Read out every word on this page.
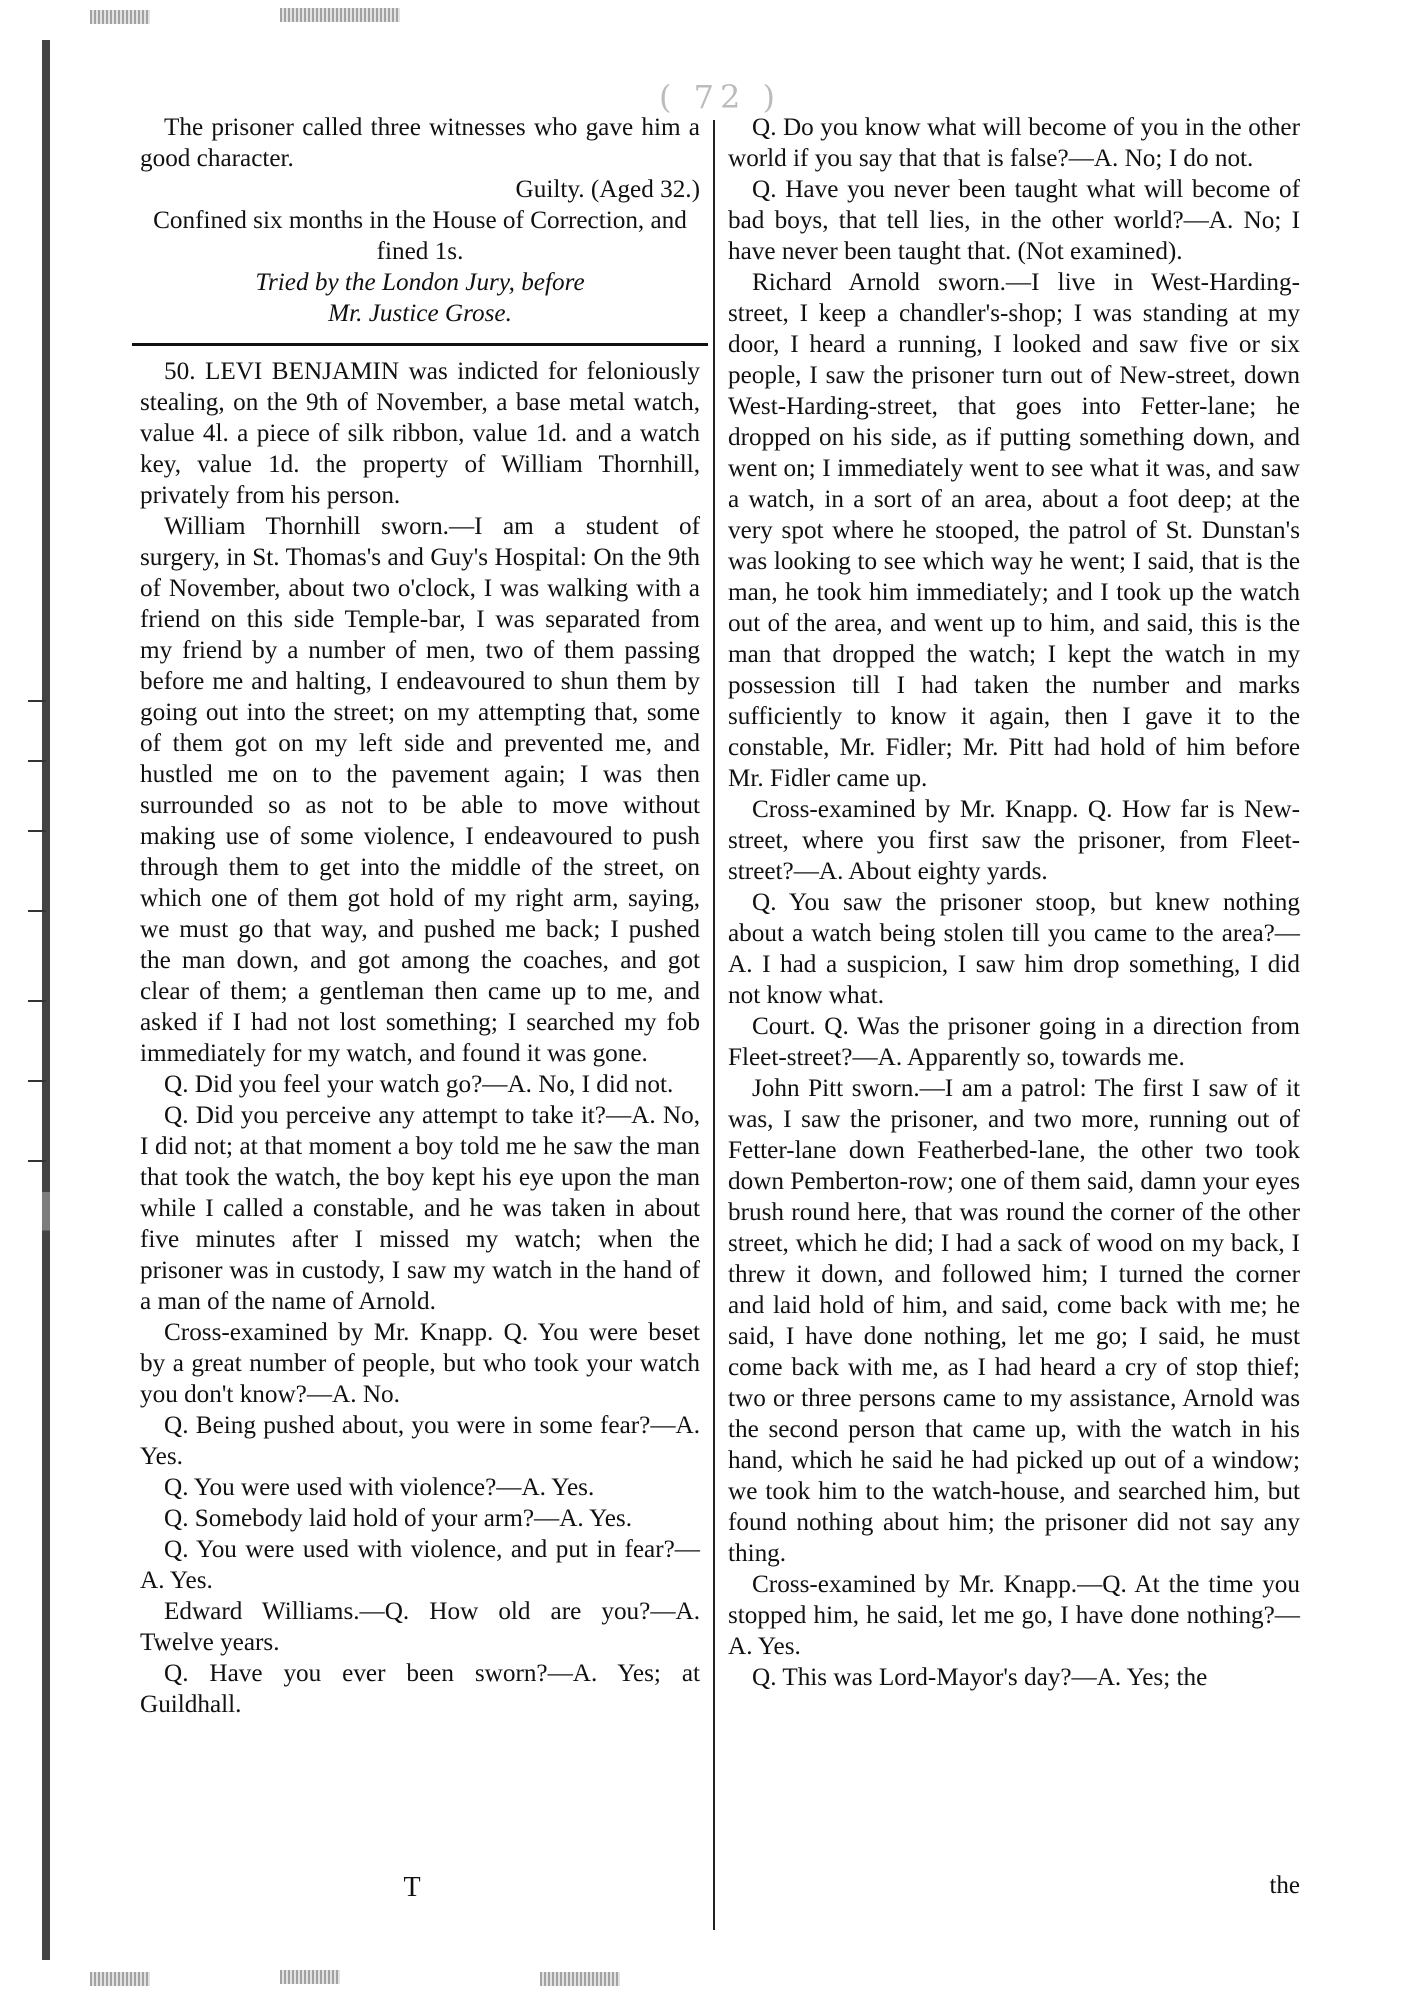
( 72 )

The prisoner called three witnesses who gave him a good character.

Guilty. (Aged 32.)

Confined six months in the House of Correction, and fined 1s.

Tried by the London Jury, before

Mr. Justice Grose.

50. LEVI BENJAMIN was indicted for feloniously stealing, on the 9th of November, a base metal watch, value 4l. a piece of silk ribbon, value 1d. and a watch key, value 1d. the property of William Thornhill, privately from his person.

William Thornhill sworn.—I am a student of surgery, in St. Thomas's and Guy's Hospital: On the 9th of November, about two o'clock, I was walking with a friend on this side Temple-bar, I was separated from my friend by a number of men, two of them passing before me and halting, I endeavoured to shun them by going out into the street; on my attempting that, some of them got on my left side and prevented me, and hustled me on to the pavement again; I was then surrounded so as not to be able to move without making use of some violence, I endeavoured to push through them to get into the middle of the street, on which one of them got hold of my right arm, saying, we must go that way, and pushed me back; I pushed the man down, and got among the coaches, and got clear of them; a gentleman then came up to me, and asked if I had not lost something; I searched my fob immediately for my watch, and found it was gone.

Q. Did you feel your watch go?—A. No, I did not.

Q. Did you perceive any attempt to take it?—A. No, I did not; at that moment a boy told me he saw the man that took the watch, the boy kept his eye upon the man while I called a constable, and he was taken in about five minutes after I missed my watch; when the prisoner was in custody, I saw my watch in the hand of a man of the name of Arnold.

Cross-examined by Mr. Knapp. Q. You were beset by a great number of people, but who took your watch you don't know?—A. No.

Q. Being pushed about, you were in some fear?—A. Yes.

Q. You were used with violence?—A. Yes.

Q. Somebody laid hold of your arm?—A. Yes.

Q. You were used with violence, and put in fear?—A. Yes.

Edward Williams.—Q. How old are you?—A. Twelve years.

Q. Have you ever been sworn?—A. Yes; at Guildhall.

T

Q. Do you know what will become of you in the other world if you say that that is false?—A. No; I do not.

Q. Have you never been taught what will become of bad boys, that tell lies, in the other world?—A. No; I have never been taught that. (Not examined).

Richard Arnold sworn.—I live in West-Harding-street, I keep a chandler's-shop; I was standing at my door, I heard a running, I looked and saw five or six people, I saw the prisoner turn out of New-street, down West-Harding-street, that goes into Fetter-lane; he dropped on his side, as if putting something down, and went on; I immediately went to see what it was, and saw a watch, in a sort of an area, about a foot deep; at the very spot where he stooped, the patrol of St. Dunstan's was looking to see which way he went; I said, that is the man, he took him immediately; and I took up the watch out of the area, and went up to him, and said, this is the man that dropped the watch; I kept the watch in my possession till I had taken the number and marks sufficiently to know it again, then I gave it to the constable, Mr. Fidler; Mr. Pitt had hold of him before Mr. Fidler came up.

Cross-examined by Mr. Knapp. Q. How far is New-street, where you first saw the prisoner, from Fleet-street?—A. About eighty yards.

Q. You saw the prisoner stoop, but knew nothing about a watch being stolen till you came to the area?—A. I had a suspicion, I saw him drop something, I did not know what.

Court. Q. Was the prisoner going in a direction from Fleet-street?—A. Apparently so, towards me.

John Pitt sworn.—I am a patrol: The first I saw of it was, I saw the prisoner, and two more, running out of Fetter-lane down Featherbed-lane, the other two took down Pemberton-row; one of them said, damn your eyes brush round here, that was round the corner of the other street, which he did; I had a sack of wood on my back, I threw it down, and followed him; I turned the corner and laid hold of him, and said, come back with me; he said, I have done nothing, let me go; I said, he must come back with me, as I had heard a cry of stop thief; two or three persons came to my assistance, Arnold was the second person that came up, with the watch in his hand, which he said he had picked up out of a window; we took him to the watch-house, and searched him, but found nothing about him; the prisoner did not say any thing.

Cross-examined by Mr. Knapp.—Q. At the time you stopped him, he said, let me go, I have done nothing?—A. Yes.

Q. This was Lord-Mayor's day?—A. Yes; the

the
